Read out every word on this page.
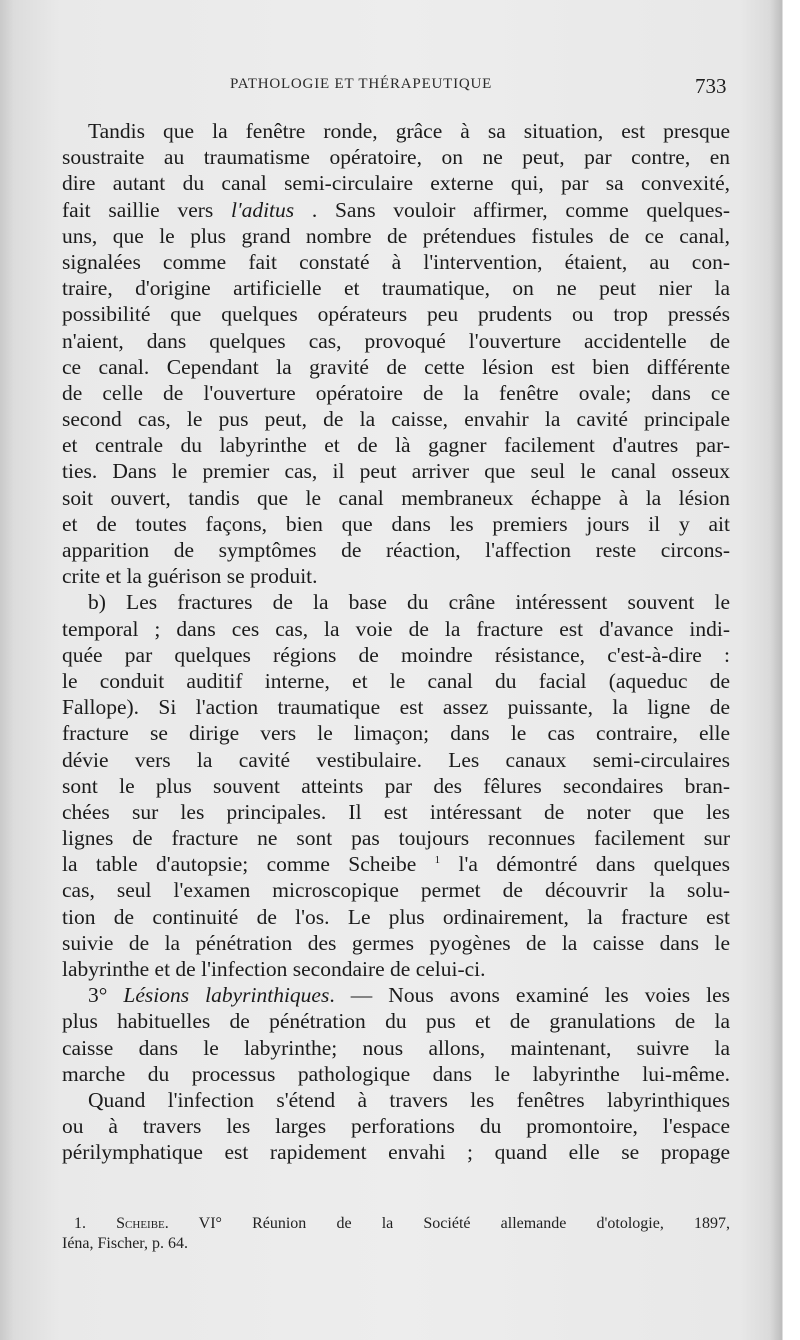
PATHOLOGIE ET THÉRAPEUTIQUE	733
Tandis que la fenêtre ronde, grâce à sa situation, est presque
soustraite au traumatisme opératoire, on ne peut, par contre, en
dire autant du canal semi-circulaire externe qui, par sa convexité,
fait saillie vers l'aditus . Sans vouloir affirmer, comme quelques-
uns, que le plus grand nombre de prétendues fistules de ce canal,
signalées comme fait constaté à l'intervention, étaient, au con-
traire, d'origine artificielle et traumatique, on ne peut nier la
possibilité que quelques opérateurs peu prudents ou trop pressés
n'aient, dans quelques cas, provoqué l'ouverture accidentelle de
ce canal. Cependant la gravité de cette lésion est bien différente
de celle de l'ouverture opératoire de la fenêtre ovale; dans ce
second cas, le pus peut, de la caisse, envahir la cavité principale
et centrale du labyrinthe et de là gagner facilement d'autres par-
ties. Dans le premier cas, il peut arriver que seul le canal osseux
soit ouvert, tandis que le canal membraneux échappe à la lésion
et de toutes façons, bien que dans les premiers jours il y ait
apparition de symptômes de réaction, l'affection reste circons-
crite et la guérison se produit.
b) Les fractures de la base du crâne intéressent souvent le
temporal ; dans ces cas, la voie de la fracture est d'avance indi-
quée par quelques régions de moindre résistance, c'est-à-dire :
le conduit auditif interne, et le canal du facial (aqueduc de
Fallope). Si l'action traumatique est assez puissante, la ligne de
fracture se dirige vers le limaçon; dans le cas contraire, elle
dévie vers la cavité vestibulaire. Les canaux semi-circulaires
sont le plus souvent atteints par des fêlures secondaires bran-
chées sur les principales. Il est intéressant de noter que les
lignes de fracture ne sont pas toujours reconnues facilement sur
la table d'autopsie; comme Scheibe $^1$ l'a démontré dans quelques
cas, seul l'examen microscopique permet de découvrir la solu-
tion de continuité de l'os. Le plus ordinairement, la fracture est
suivie de la pénétration des germes pyogènes de la caisse dans le
labyrinthe et de l'infection secondaire de celui-ci.
3° Lésions labyrinthiques. — Nous avons examiné les voies les
plus habituelles de pénétration du pus et de granulations de la
caisse dans le labyrinthe; nous allons, maintenant, suivre la
marche du processus pathologique dans le labyrinthe lui-même.
Quand l'infection s'étend à travers les fenêtres labyrinthiques
ou à travers les larges perforations du promontoire, l'espace
périlymphatique est rapidement envahi ; quand elle se propage
1. Scheibe. VI° Réunion de la Société allemande d'otologie, 1897,
Iéna, Fischer, p. 64.
